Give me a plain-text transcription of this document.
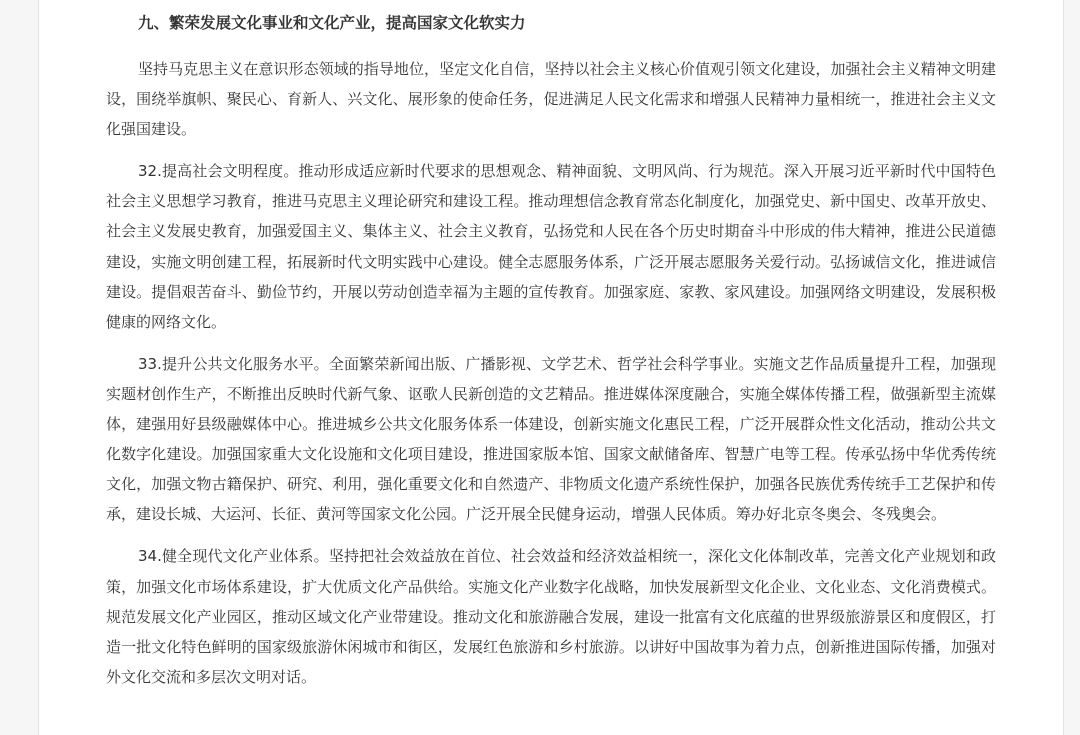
九、繁荣发展文化事业和文化产业，提高国家文化软实力

坚持马克思主义在意识形态领域的指导地位，坚定文化自信，坚持以社会主义核心价值观引领文化建设，加强社会主义精神文明建设，围绕举旗帜、聚民心、育新人、兴文化、展形象的使命任务，促进满足人民文化需求和增强人民精神力量相统一，推进社会主义文化强国建设。

32.提高社会文明程度。推动形成适应新时代要求的思想观念、精神面貌、文明风尚、行为规范。深入开展习近平新时代中国特色社会主义思想学习教育，推进马克思主义理论研究和建设工程。推动理想信念教育常态化制度化，加强党史、新中国史、改革开放史、社会主义发展史教育，加强爱国主义、集体主义、社会主义教育，弘扬党和人民在各个历史时期奋斗中形成的伟大精神，推进公民道德建设，实施文明创建工程，拓展新时代文明实践中心建设。健全志愿服务体系，广泛开展志愿服务关爱行动。弘扬诚信文化，推进诚信建设。提倡艰苦奋斗、勤俭节约，开展以劳动创造幸福为主题的宣传教育。加强家庭、家教、家风建设。加强网络文明建设，发展积极健康的网络文化。

33.提升公共文化服务水平。全面繁荣新闻出版、广播影视、文学艺术、哲学社会科学事业。实施文艺作品质量提升工程，加强现实题材创作生产，不断推出反映时代新气象、讴歌人民新创造的文艺精品。推进媒体深度融合，实施全媒体传播工程，做强新型主流媒体，建强用好县级融媒体中心。推进城乡公共文化服务体系一体建设，创新实施文化惠民工程，广泛开展群众性文化活动，推动公共文化数字化建设。加强国家重大文化设施和文化项目建设，推进国家版本馆、国家文献储备库、智慧广电等工程。传承弘扬中华优秀传统文化，加强文物古籍保护、研究、利用，强化重要文化和自然遗产、非物质文化遗产系统性保护，加强各民族优秀传统手工艺保护和传承，建设长城、大运河、长征、黄河等国家文化公园。广泛开展全民健身运动，增强人民体质。筹办好北京冬奥会、冬残奥会。

34.健全现代文化产业体系。坚持把社会效益放在首位、社会效益和经济效益相统一，深化文化体制改革，完善文化产业规划和政策，加强文化市场体系建设，扩大优质文化产品供给。实施文化产业数字化战略，加快发展新型文化企业、文化业态、文化消费模式。规范发展文化产业园区，推动区域文化产业带建设。推动文化和旅游融合发展，建设一批富有文化底蕴的世界级旅游景区和度假区，打造一批文化特色鲜明的国家级旅游休闲城市和街区，发展红色旅游和乡村旅游。以讲好中国故事为着力点，创新推进国际传播，加强对外文化交流和多层次文明对话。
